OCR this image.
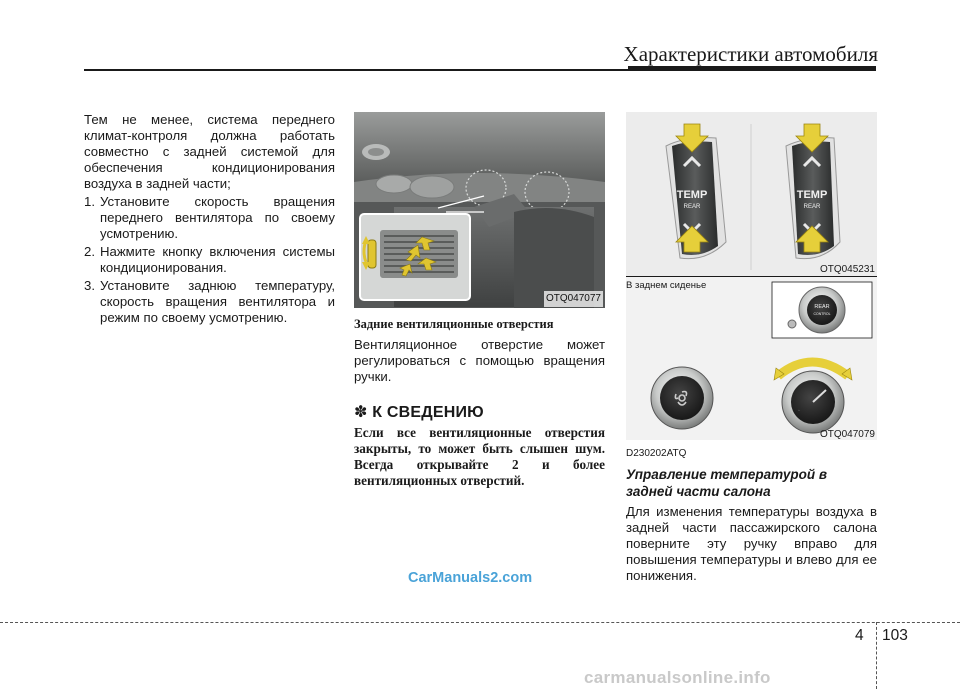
Характеристики автомобиля

Тем не менее, система переднего климат-контроля должна работать совместно с задней системой для обеспечения кондиционирования воздуха в задней части;

1. Установите скорость вращения переднего вентилятора по своему усмотрению.
2. Нажмите кнопку включения системы кондиционирования.
3. Установите заднюю температуру, скорость вращения вентилятора и режим по своему усмотрению.
OTQ047077
Задние вентиляционные отверстия

Вентиляционное отверстие может регулироваться с помощью вращения ручки.

✽ К СВЕДЕНИЮ

Если все вентиляционные отверстия закрыты, то может быть слышен шум. Всегда открывайте 2 и более вентиляционных отверстий.

TEMP
REAR
TEMP
REAR
REAR
CONTROL
◦
OTQ045231
В заднем сиденье
OTQ047079
D230202ATQ
Управление температурой в задней части салона

Для изменения температуры воздуха в задней части пассажирского салона поверните эту ручку вправо для повышения температуры и влево для ее понижения.

CarManuals2.com
4 103
carmanualsonline.info
